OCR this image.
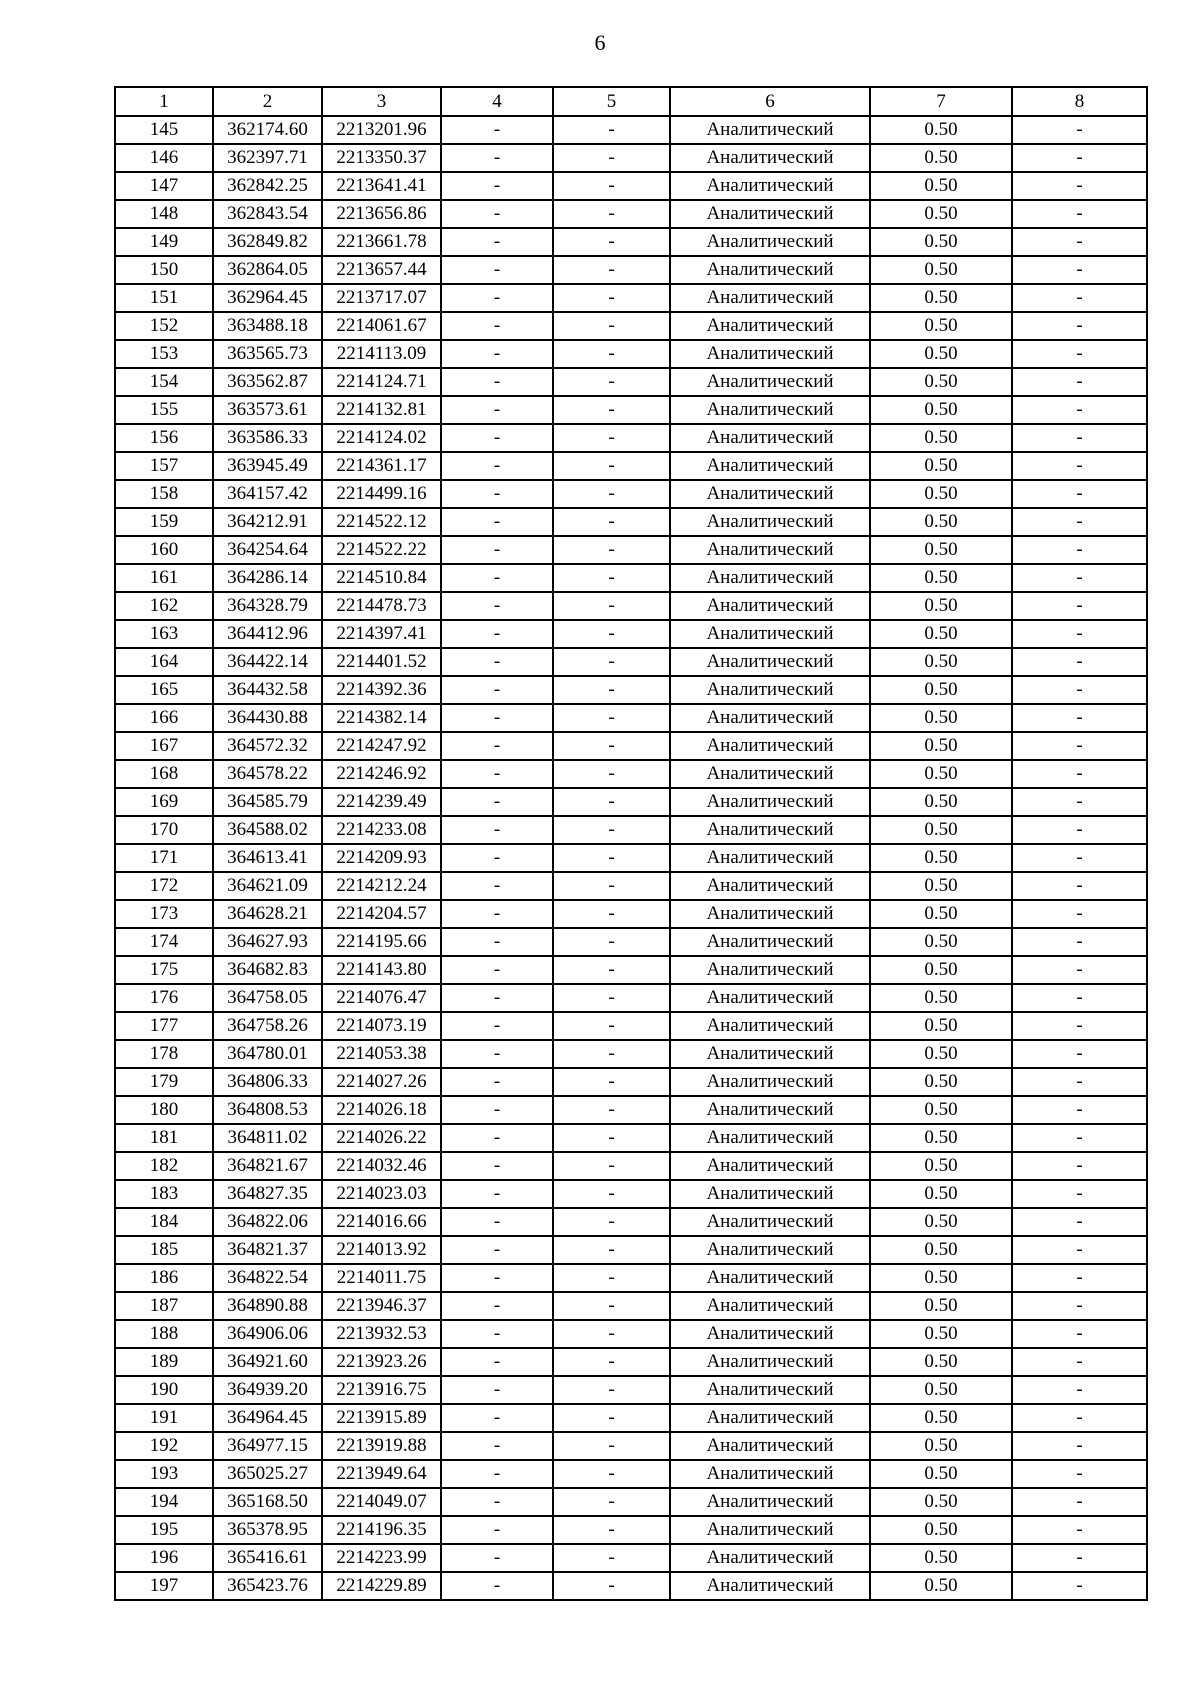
6
1	2	3	4	5	6	7	8
145	362174.60	2213201.96	-	-	Аналитический	0.50	-
146	362397.71	2213350.37	-	-	Аналитический	0.50	-
147	362842.25	2213641.41	-	-	Аналитический	0.50	-
148	362843.54	2213656.86	-	-	Аналитический	0.50	-
149	362849.82	2213661.78	-	-	Аналитический	0.50	-
150	362864.05	2213657.44	-	-	Аналитический	0.50	-
151	362964.45	2213717.07	-	-	Аналитический	0.50	-
152	363488.18	2214061.67	-	-	Аналитический	0.50	-
153	363565.73	2214113.09	-	-	Аналитический	0.50	-
154	363562.87	2214124.71	-	-	Аналитический	0.50	-
155	363573.61	2214132.81	-	-	Аналитический	0.50	-
156	363586.33	2214124.02	-	-	Аналитический	0.50	-
157	363945.49	2214361.17	-	-	Аналитический	0.50	-
158	364157.42	2214499.16	-	-	Аналитический	0.50	-
159	364212.91	2214522.12	-	-	Аналитический	0.50	-
160	364254.64	2214522.22	-	-	Аналитический	0.50	-
161	364286.14	2214510.84	-	-	Аналитический	0.50	-
162	364328.79	2214478.73	-	-	Аналитический	0.50	-
163	364412.96	2214397.41	-	-	Аналитический	0.50	-
164	364422.14	2214401.52	-	-	Аналитический	0.50	-
165	364432.58	2214392.36	-	-	Аналитический	0.50	-
166	364430.88	2214382.14	-	-	Аналитический	0.50	-
167	364572.32	2214247.92	-	-	Аналитический	0.50	-
168	364578.22	2214246.92	-	-	Аналитический	0.50	-
169	364585.79	2214239.49	-	-	Аналитический	0.50	-
170	364588.02	2214233.08	-	-	Аналитический	0.50	-
171	364613.41	2214209.93	-	-	Аналитический	0.50	-
172	364621.09	2214212.24	-	-	Аналитический	0.50	-
173	364628.21	2214204.57	-	-	Аналитический	0.50	-
174	364627.93	2214195.66	-	-	Аналитический	0.50	-
175	364682.83	2214143.80	-	-	Аналитический	0.50	-
176	364758.05	2214076.47	-	-	Аналитический	0.50	-
177	364758.26	2214073.19	-	-	Аналитический	0.50	-
178	364780.01	2214053.38	-	-	Аналитический	0.50	-
179	364806.33	2214027.26	-	-	Аналитический	0.50	-
180	364808.53	2214026.18	-	-	Аналитический	0.50	-
181	364811.02	2214026.22	-	-	Аналитический	0.50	-
182	364821.67	2214032.46	-	-	Аналитический	0.50	-
183	364827.35	2214023.03	-	-	Аналитический	0.50	-
184	364822.06	2214016.66	-	-	Аналитический	0.50	-
185	364821.37	2214013.92	-	-	Аналитический	0.50	-
186	364822.54	2214011.75	-	-	Аналитический	0.50	-
187	364890.88	2213946.37	-	-	Аналитический	0.50	-
188	364906.06	2213932.53	-	-	Аналитический	0.50	-
189	364921.60	2213923.26	-	-	Аналитический	0.50	-
190	364939.20	2213916.75	-	-	Аналитический	0.50	-
191	364964.45	2213915.89	-	-	Аналитический	0.50	-
192	364977.15	2213919.88	-	-	Аналитический	0.50	-
193	365025.27	2213949.64	-	-	Аналитический	0.50	-
194	365168.50	2214049.07	-	-	Аналитический	0.50	-
195	365378.95	2214196.35	-	-	Аналитический	0.50	-
196	365416.61	2214223.99	-	-	Аналитический	0.50	-
197	365423.76	2214229.89	-	-	Аналитический	0.50	-
